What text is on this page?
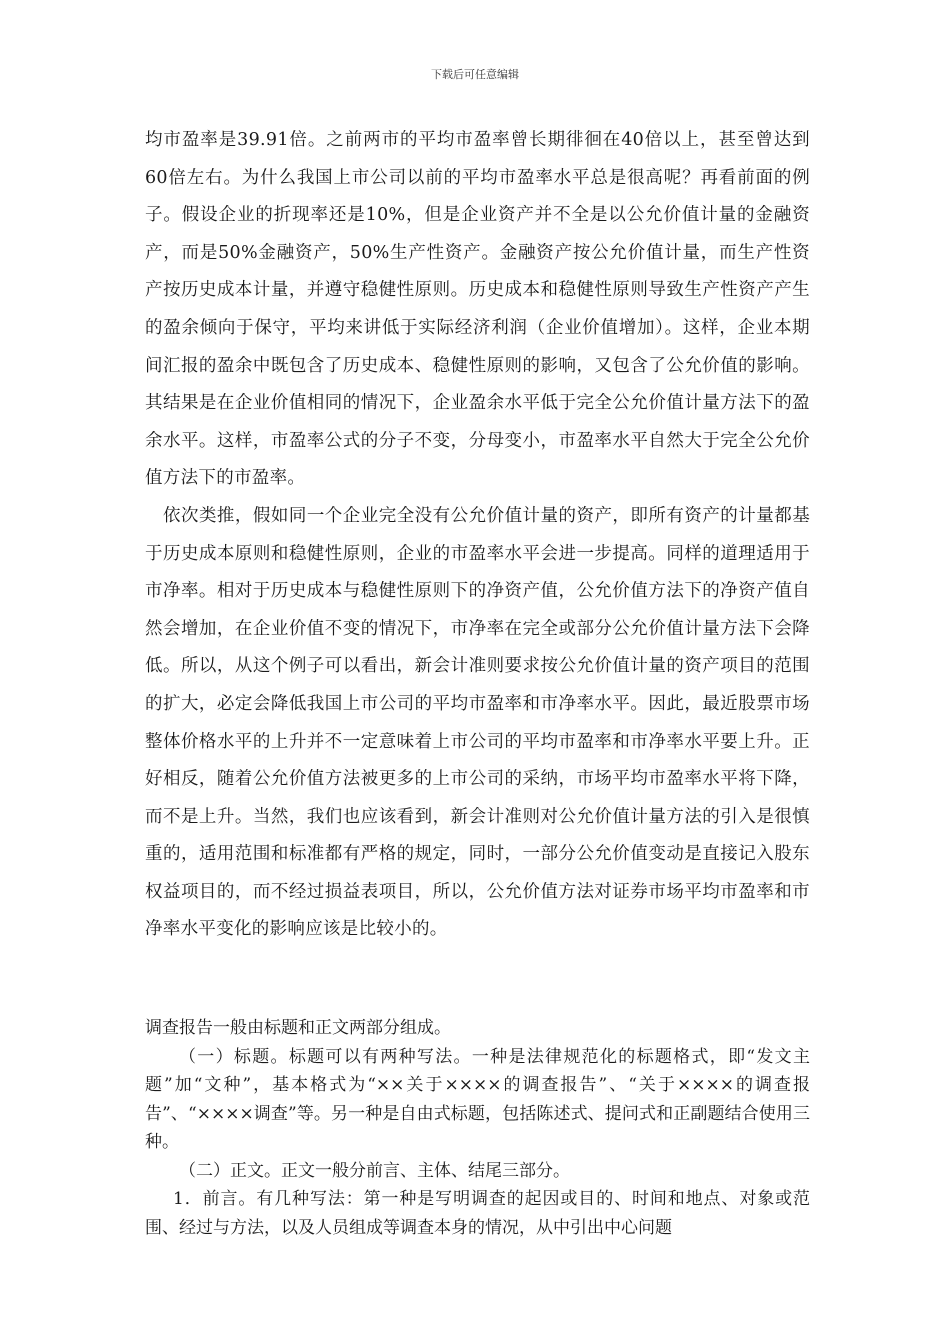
下载后可任意编辑

均市盈率是39.91倍。之前两市的平均市盈率曾长期徘徊在40倍以上，甚至曾达到60倍左右。为什么我国上市公司以前的平均市盈率水平总是很高呢？再看前面的例子。假设企业的折现率还是10%，但是企业资产并不全是以公允价值计量的金融资产，而是50%金融资产，50%生产性资产。金融资产按公允价值计量，而生产性资产按历史成本计量，并遵守稳健性原则。历史成本和稳健性原则导致生产性资产产生的盈余倾向于保守，平均来讲低于实际经济利润（企业价值增加）。这样，企业本期间汇报的盈余中既包含了历史成本、稳健性原则的影响，又包含了公允价值的影响。其结果是在企业价值相同的情况下，企业盈余水平低于完全公允价值计量方法下的盈余水平。这样，市盈率公式的分子不变，分母变小，市盈率水平自然大于完全公允价值方法下的市盈率。

依次类推，假如同一个企业完全没有公允价值计量的资产，即所有资产的计量都基于历史成本原则和稳健性原则，企业的市盈率水平会进一步提高。同样的道理适用于市净率。相对于历史成本与稳健性原则下的净资产值，公允价值方法下的净资产值自然会增加，在企业价值不变的情况下，市净率在完全或部分公允价值计量方法下会降低。所以，从这个例子可以看出，新会计准则要求按公允价值计量的资产项目的范围的扩大，必定会降低我国上市公司的平均市盈率和市净率水平。因此，最近股票市场整体价格水平的上升并不一定意味着上市公司的平均市盈率和市净率水平要上升。正好相反，随着公允价值方法被更多的上市公司的采纳，市场平均市盈率水平将下降，而不是上升。当然，我们也应该看到，新会计准则对公允价值计量方法的引入是很慎重的，适用范围和标准都有严格的规定，同时，一部分公允价值变动是直接记入股东权益项目的，而不经过损益表项目，所以，公允价值方法对证券市场平均市盈率和市净率水平变化的影响应该是比较小的。

调查报告一般由标题和正文两部分组成。

（一）标题。标题可以有两种写法。一种是法律规范化的标题格式，即“发文主题”加“文种”，基本格式为“××关于××××的调查报告”、“关于××××的调查报告”、“××××调查”等。另一种是自由式标题，包括陈述式、提问式和正副题结合使用三种。

（二）正文。正文一般分前言、主体、结尾三部分。

1．前言。有几种写法：第一种是写明调查的起因或目的、时间和地点、对象或范围、经过与方法，以及人员组成等调查本身的情况，从中引出中心问题
